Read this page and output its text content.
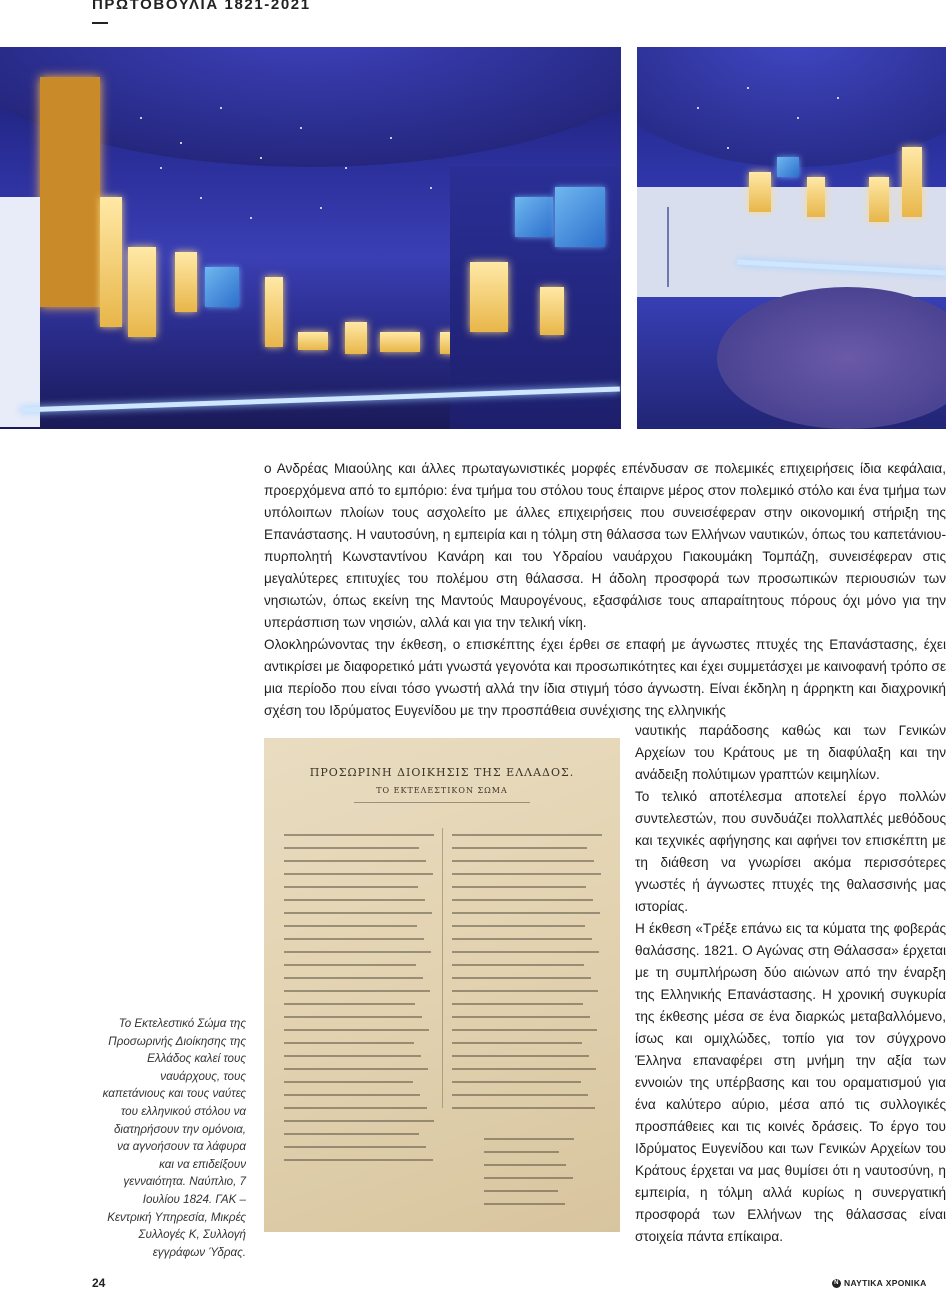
ΠΡΩΤΟΒΟΥΛΙΑ 1821-2021

ο Ανδρέας Μιαούλης και άλλες πρωταγωνιστικές μορφές επένδυσαν σε πολεμικές επιχειρήσεις ίδια κεφάλαια, προερχόμενα από το εμπόριο: ένα τμήμα του στόλου τους έπαιρνε μέρος στον πολεμικό στόλο και ένα τμήμα των υπόλοιπων πλοίων τους ασχολείτο με άλλες επιχειρήσεις που συνεισέφεραν στην οικονομική στήριξη της Επανάστασης. Η ναυτοσύνη, η εμπειρία και η τόλμη στη θάλασσα των Ελλήνων ναυτικών, όπως του καπετάνιου-πυρπολητή Κωνσταντίνου Κανάρη και του Υδραίου ναυάρχου Γιακουμάκη Τομπάζη, συνεισέφεραν στις μεγαλύτερες επιτυχίες του πολέμου στη θάλασσα. Η άδολη προσφορά των προσωπικών περιουσιών των νησιωτών, όπως εκείνη της Μαντούς Μαυρογένους, εξασφάλισε τους απαραίτητους πόρους όχι μόνο για την υπεράσπιση των νησιών, αλλά και για την τελική νίκη.

Ολοκληρώνοντας την έκθεση, ο επισκέπτης έχει έρθει σε επαφή με άγνωστες πτυχές της Επανάστασης, έχει αντικρίσει με διαφορετικό μάτι γνωστά γεγονότα και προσωπικότητες και έχει συμμετάσχει με καινοφανή τρόπο σε μια περίοδο που είναι τόσο γνωστή αλλά την ίδια στιγμή τόσο άγνωστη. Είναι έκδηλη η άρρηκτη και διαχρονική σχέση του Ιδρύματος Ευγενίδου με την προσπάθεια συνέχισης της ελληνικής

ΠΡΟΣΩΡΙΝΗ ΔΙΟΙΚΗΣΙΣ ΤΗΣ ΕΛΛΑΔΟΣ.
ΤΟ ΕΚΤΕΛΕΣΤΙΚΟΝ ΣΩΜΑ

ναυτικής παράδοσης καθώς και των Γενικών Αρχείων του Κράτους με τη διαφύλαξη και την ανάδειξη πολύτιμων γραπτών κειμηλίων.

Το τελικό αποτέλεσμα αποτελεί έργο πολλών συντελεστών, που συνδυάζει πολλαπλές μεθόδους και τεχνικές αφήγησης και αφήνει τον επισκέπτη με τη διάθεση να γνωρίσει ακόμα περισσότερες γνωστές ή άγνωστες πτυχές της θαλασσινής μας ιστορίας.

Η έκθεση «Τρέξε επάνω εις τα κύματα της φοβεράς θαλάσσης. 1821. Ο Αγώνας στη Θάλασσα» έρχεται με τη συμπλήρωση δύο αιώνων από την έναρξη της Ελληνικής Επανάστασης. Η χρονική συγκυρία της έκθεσης μέσα σε ένα διαρκώς μεταβαλλόμενο, ίσως και ομιχλώδες, τοπίο για τον σύγχρονο Έλληνα επαναφέρει στη μνήμη την αξία των εννοιών της υπέρβασης και του οραματισμού για ένα καλύτερο αύριο, μέσα από τις συλλογικές προσπάθειες και τις κοινές δράσεις. Το έργο του Ιδρύματος Ευγενίδου και των Γενικών Αρχείων του Κράτους έρχεται να μας θυμίσει ότι η ναυτοσύνη, η εμπειρία, η τόλμη αλλά κυρίως η συνεργατική προσφορά των Ελλήνων της θάλασσας είναι στοιχεία πάντα επίκαιρα.

Το Εκτελεστικό Σώμα της Προσωρινής Διοίκησης της Ελλάδος καλεί τους ναυάρχους, τους καπετάνιους και τους ναύτες του ελληνικού στόλου να διατηρήσουν την ομόνοια, να αγνοήσουν τα λάφυρα και να επιδείξουν γενναιότητα. Ναύπλιο, 7 Ιουλίου 1824. ΓΑΚ – Κεντρική Υπηρεσία, Μικρές Συλλογές Κ, Συλλογή εγγράφων Ύδρας.
24	N ΝΑΥΤΙΚΑ ΧΡΟΝΙΚΑ
